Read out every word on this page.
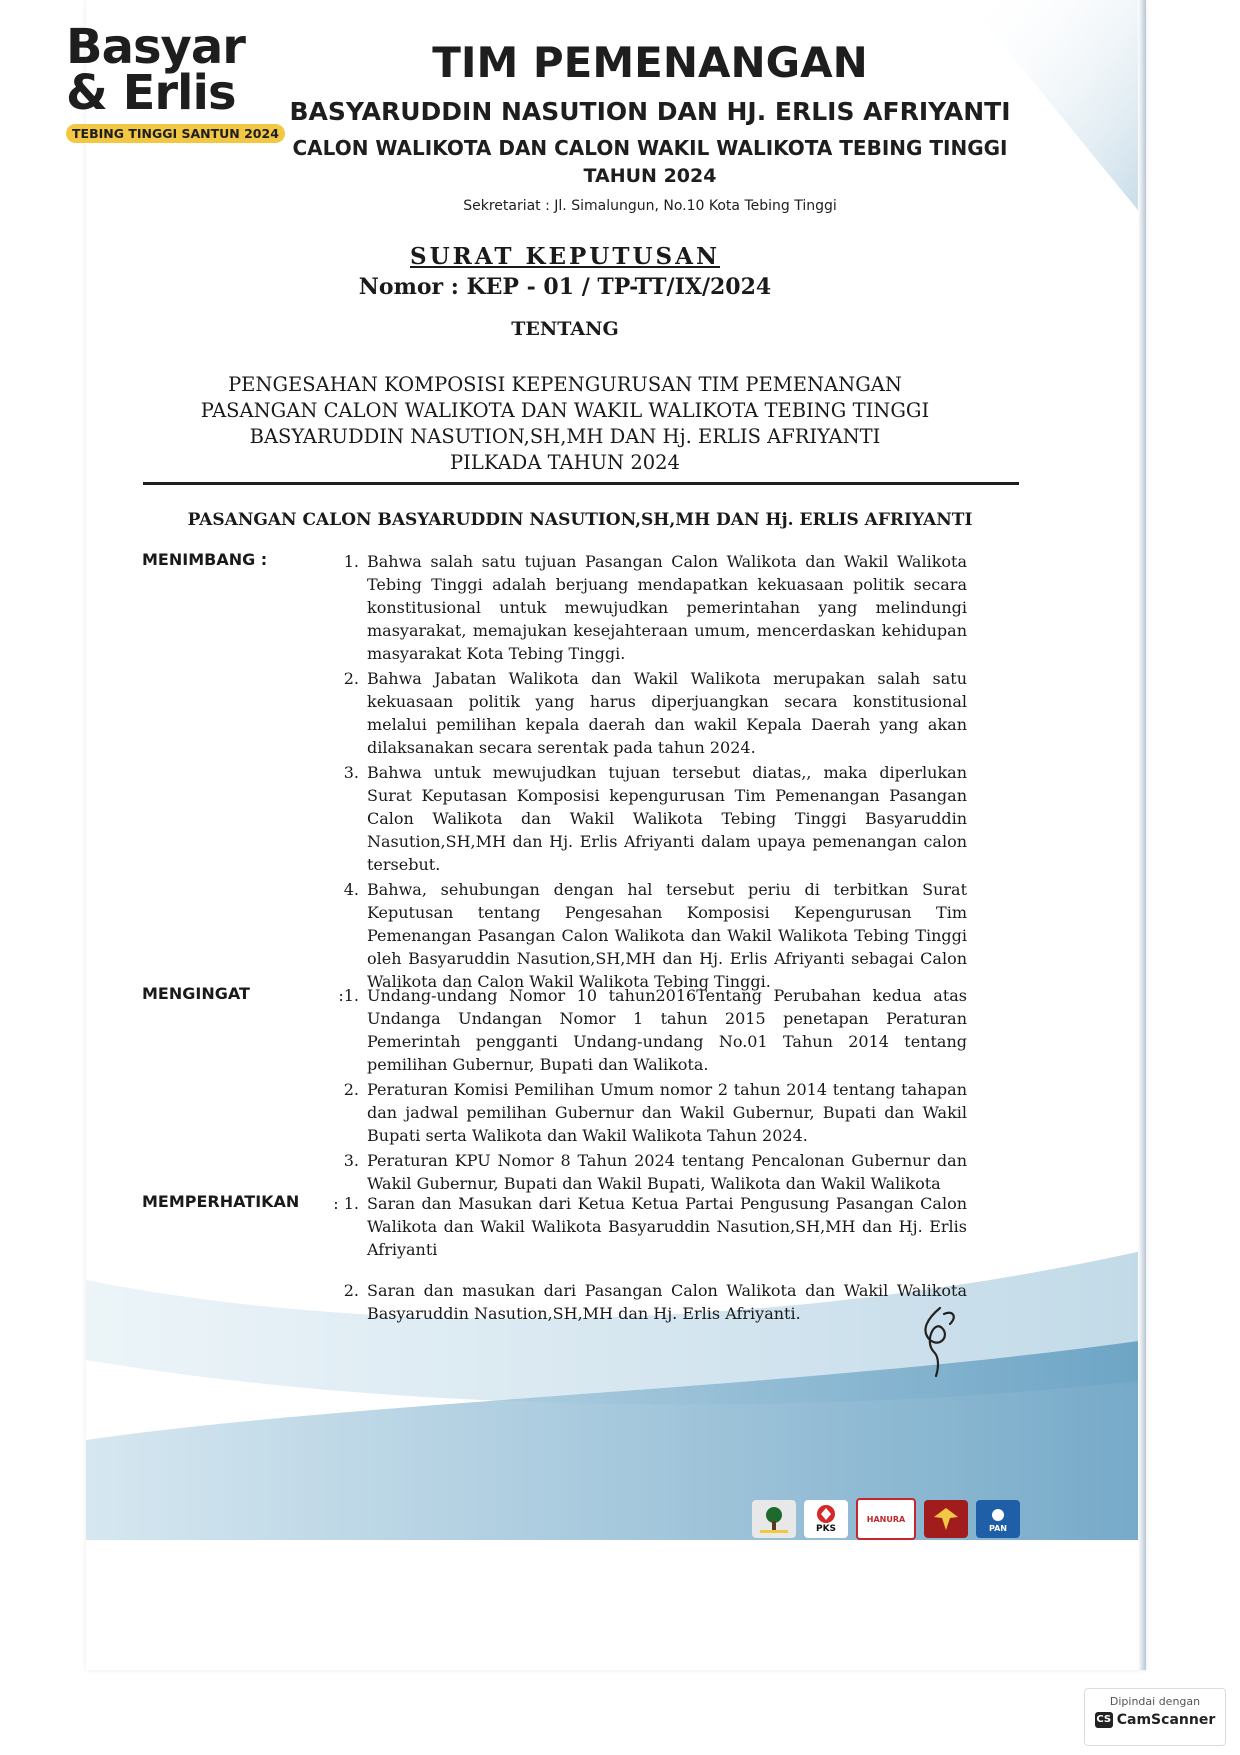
Basyar
& Erlis
TEBING TINGGI SANTUN 2024
TIM PEMENANGAN
BASYARUDDIN NASUTION DAN HJ. ERLIS AFRIYANTI
CALON WALIKOTA DAN CALON WAKIL WALIKOTA TEBING TINGGI
TAHUN 2024
Sekretariat : Jl. Simalungun, No.10 Kota Tebing Tinggi
SURAT KEPUTUSAN
Nomor : KEP - 01 / TP-TT/IX/2024
TENTANG
PENGESAHAN KOMPOSISI KEPENGURUSAN TIM PEMENANGAN
PASANGAN CALON WALIKOTA DAN WAKIL WALIKOTA TEBING TINGGI
BASYARUDDIN NASUTION,SH,MH DAN Hj. ERLIS AFRIYANTI
PILKADA TAHUN 2024
PASANGAN CALON BASYARUDDIN NASUTION,SH,MH DAN Hj. ERLIS AFRIYANTI
MENIMBANG :	1. Bahwa salah satu tujuan Pasangan Calon Walikota dan Wakil Walikota Tebing Tinggi adalah berjuang mendapatkan kekuasaan politik secara konstitusional untuk mewujudkan pemerintahan yang melindungi masyarakat, memajukan kesejahteraan umum, mencerdaskan kehidupan masyarakat Kota Tebing Tinggi.
2. Bahwa Jabatan Walikota dan Wakil Walikota merupakan salah satu kekuasaan politik yang harus diperjuangkan secara konstitusional melalui pemilihan kepala daerah dan wakil Kepala Daerah yang akan dilaksanakan secara serentak pada tahun 2024.
3. Bahwa untuk mewujudkan tujuan tersebut diatas,, maka diperlukan Surat Keputasan Komposisi kepengurusan Tim Pemenangan Pasangan Calon Walikota dan Wakil Walikota Tebing Tinggi Basyaruddin Nasution,SH,MH dan Hj. Erlis Afriyanti dalam upaya pemenangan calon tersebut.
4. Bahwa, sehubungan dengan hal tersebut periu di terbitkan Surat Keputusan tentang Pengesahan Komposisi Kepengurusan Tim Pemenangan Pasangan Calon Walikota dan Wakil Walikota Tebing Tinggi oleh Basyaruddin Nasution,SH,MH dan Hj. Erlis Afriyanti sebagai Calon Walikota dan Calon Wakil Walikota Tebing Tinggi.
MENGINGAT	:1. Undang-undang Nomor 10 tahun2016Tentang Perubahan kedua atas Undanga Undangan Nomor 1 tahun 2015 penetapan Peraturan Pemerintah pengganti Undang-undang No.01 Tahun 2014 tentang pemilihan Gubernur, Bupati dan Walikota.
2. Peraturan Komisi Pemilihan Umum nomor 2 tahun 2014 tentang tahapan dan jadwal pemilihan Gubernur dan Wakil Gubernur, Bupati dan Wakil Bupati serta Walikota dan Wakil Walikota Tahun 2024.
3. Peraturan KPU Nomor 8 Tahun 2024 tentang Pencalonan Gubernur dan Wakil Gubernur, Bupati dan Wakil Bupati, Walikota dan Wakil Walikota
MEMPERHATIKAN	: 1. Saran dan Masukan dari Ketua Ketua Partai Pengusung Pasangan Calon Walikota dan Wakil Walikota Basyaruddin Nasution,SH,MH dan Hj. Erlis Afriyanti
2. Saran dan masukan dari Pasangan Calon Walikota dan Wakil Walikota Basyaruddin Nasution,SH,MH dan Hj. Erlis Afriyanti.
PKS
HANURA
PAN
Dipindai dengan
CS CamScanner
